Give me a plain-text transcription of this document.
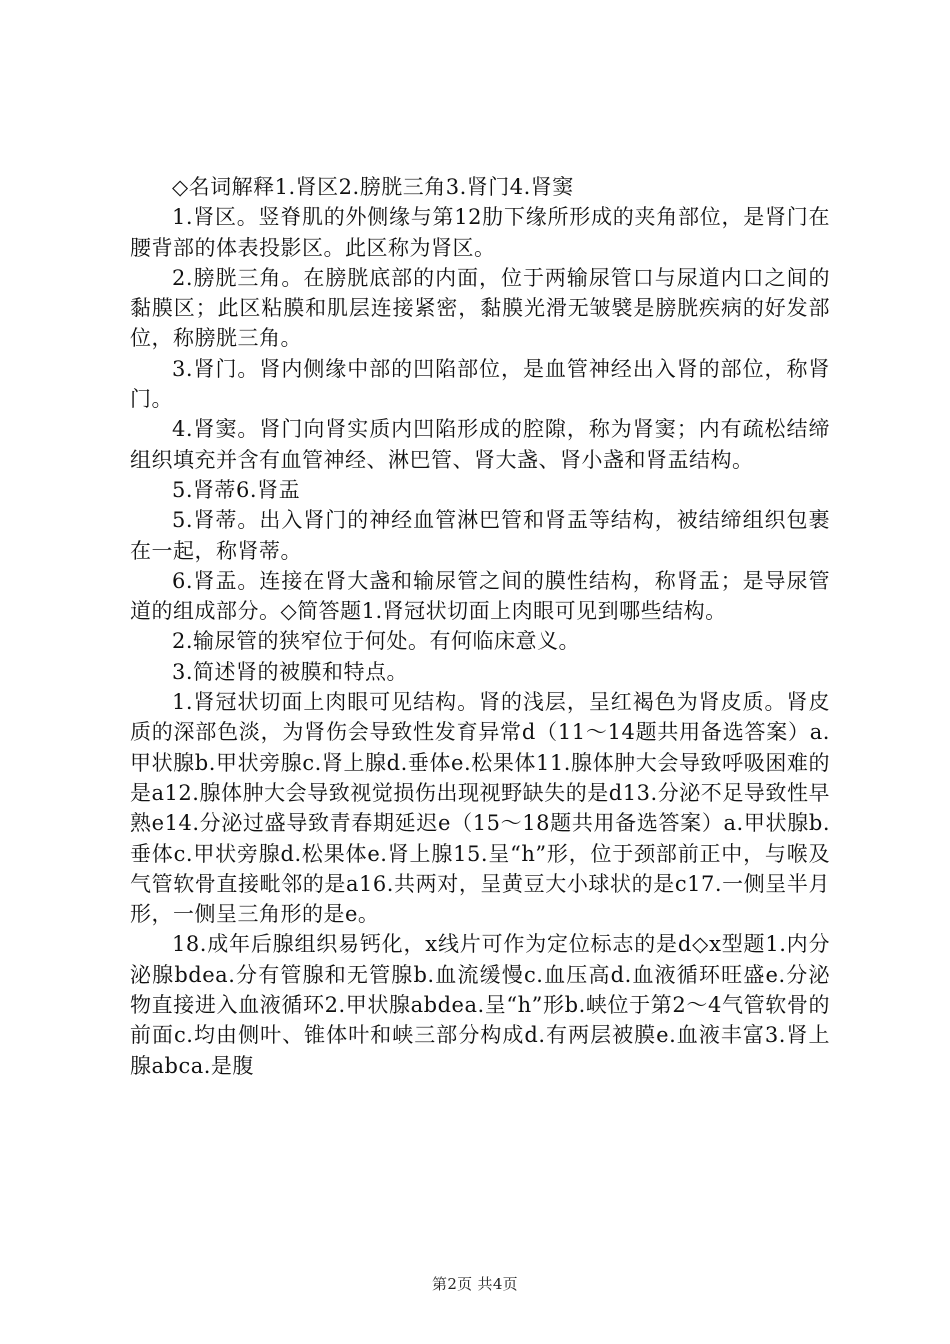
◇名词解释1.肾区2.膀胱三角3.肾门4.肾窦

1.肾区。竖脊肌的外侧缘与第12肋下缘所形成的夹角部位，是肾门在腰背部的体表投影区。此区称为肾区。

2.膀胱三角。在膀胱底部的内面，位于两输尿管口与尿道内口之间的黏膜区；此区粘膜和肌层连接紧密，黏膜光滑无皱襞是膀胱疾病的好发部位，称膀胱三角。

3.肾门。肾内侧缘中部的凹陷部位，是血管神经出入肾的部位，称肾门。

4.肾窦。肾门向肾实质内凹陷形成的腔隙，称为肾窦；内有疏松结缔组织填充并含有血管神经、淋巴管、肾大盏、肾小盏和肾盂结构。

5.肾蒂6.肾盂

5.肾蒂。出入肾门的神经血管淋巴管和肾盂等结构，被结缔组织包裹在一起，称肾蒂。

6.肾盂。连接在肾大盏和输尿管之间的膜性结构，称肾盂；是导尿管道的组成部分。◇简答题1.肾冠状切面上肉眼可见到哪些结构。

2.输尿管的狭窄位于何处。有何临床意义。

3.简述肾的被膜和特点。

1.肾冠状切面上肉眼可见结构。肾的浅层，呈红褐色为肾皮质。肾皮质的深部色淡，为肾伤会导致性发育异常d（11～14题共用备选答案）a.甲状腺b.甲状旁腺c.肾上腺d.垂体e.松果体11.腺体肿大会导致呼吸困难的是a12.腺体肿大会导致视觉损伤出现视野缺失的是d13.分泌不足导致性早熟e14.分泌过盛导致青春期延迟e（15～18题共用备选答案）a.甲状腺b.垂体c.甲状旁腺d.松果体e.肾上腺15.呈“h”形，位于颈部前正中，与喉及气管软骨直接毗邻的是a16.共两对，呈黄豆大小球状的是c17.一侧呈半月形，一侧呈三角形的是e。

18.成年后腺组织易钙化，x线片可作为定位标志的是d◇x型题1.内分泌腺bdea.分有管腺和无管腺b.血流缓慢c.血压高d.血液循环旺盛e.分泌物直接进入血液循环2.甲状腺abdea.呈“h”形b.峡位于第2～4气管软骨的前面c.均由侧叶、锥体叶和峡三部分构成d.有两层被膜e.血液丰富3.肾上腺abca.是腹

第2页 共4页
